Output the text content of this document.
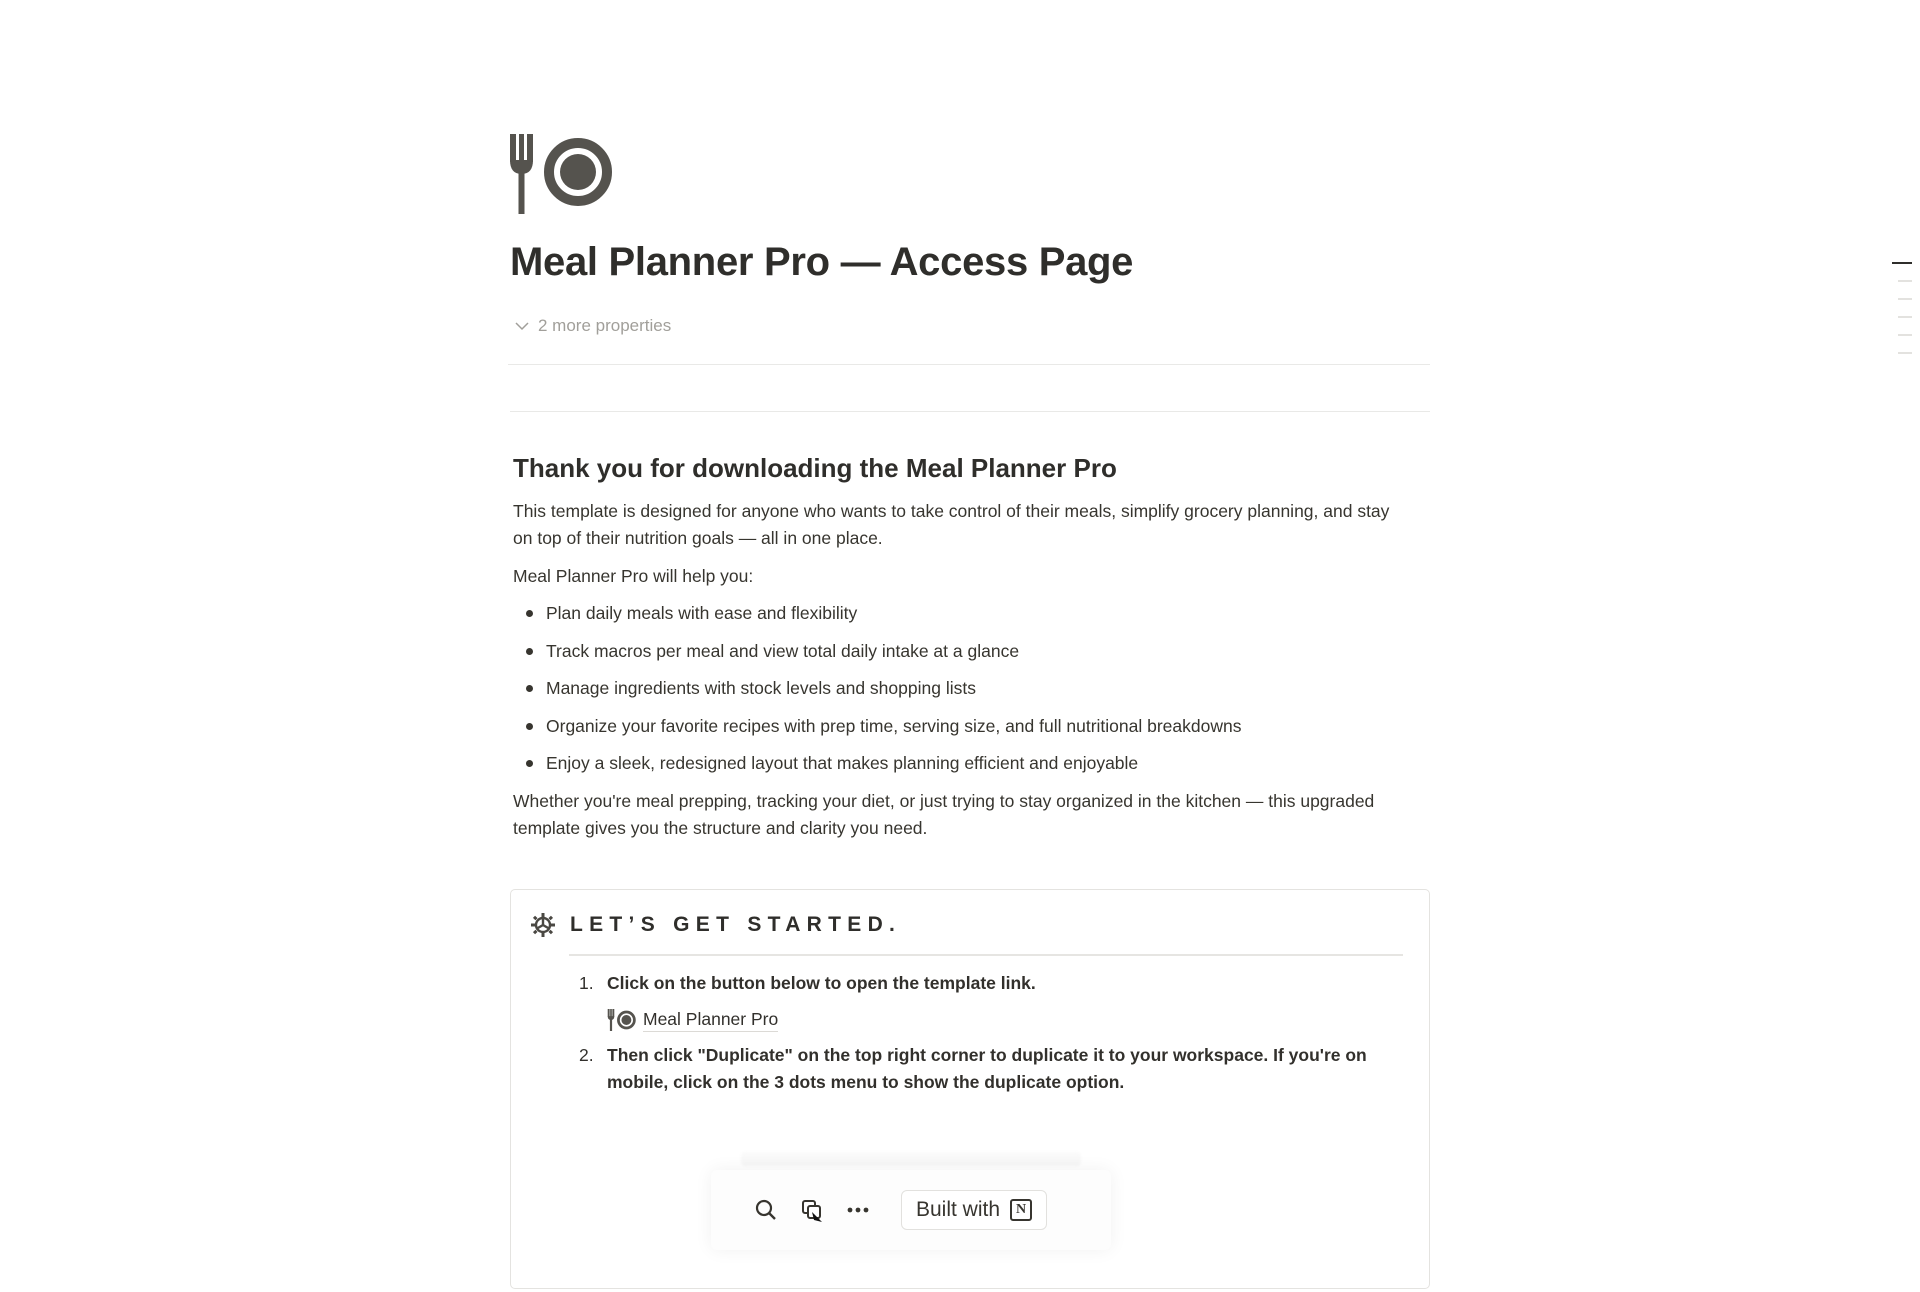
Meal Planner Pro — Access Page
2 more properties
Thank you for downloading the Meal Planner Pro

This template is designed for anyone who wants to take control of their meals, simplify grocery planning, and stay on top of their nutrition goals — all in one place.

Meal Planner Pro will help you:

Plan daily meals with ease and flexibility
Track macros per meal and view total daily intake at a glance
Manage ingredients with stock levels and shopping lists
Organize your favorite recipes with prep time, serving size, and full nutritional breakdowns
Enjoy a sleek, redesigned layout that makes planning efficient and enjoyable

Whether you're meal prepping, tracking your diet, or just trying to stay organized in the kitchen — this upgraded template gives you the structure and clarity you need.

LET’S GET STARTED.
1. Click on the button below to open the template link.
Meal Planner Pro
2. Then click "Duplicate" on the top right corner to duplicate it to your workspace. If you're on mobile, click on the 3 dots menu to show the duplicate option.
Built with	N
